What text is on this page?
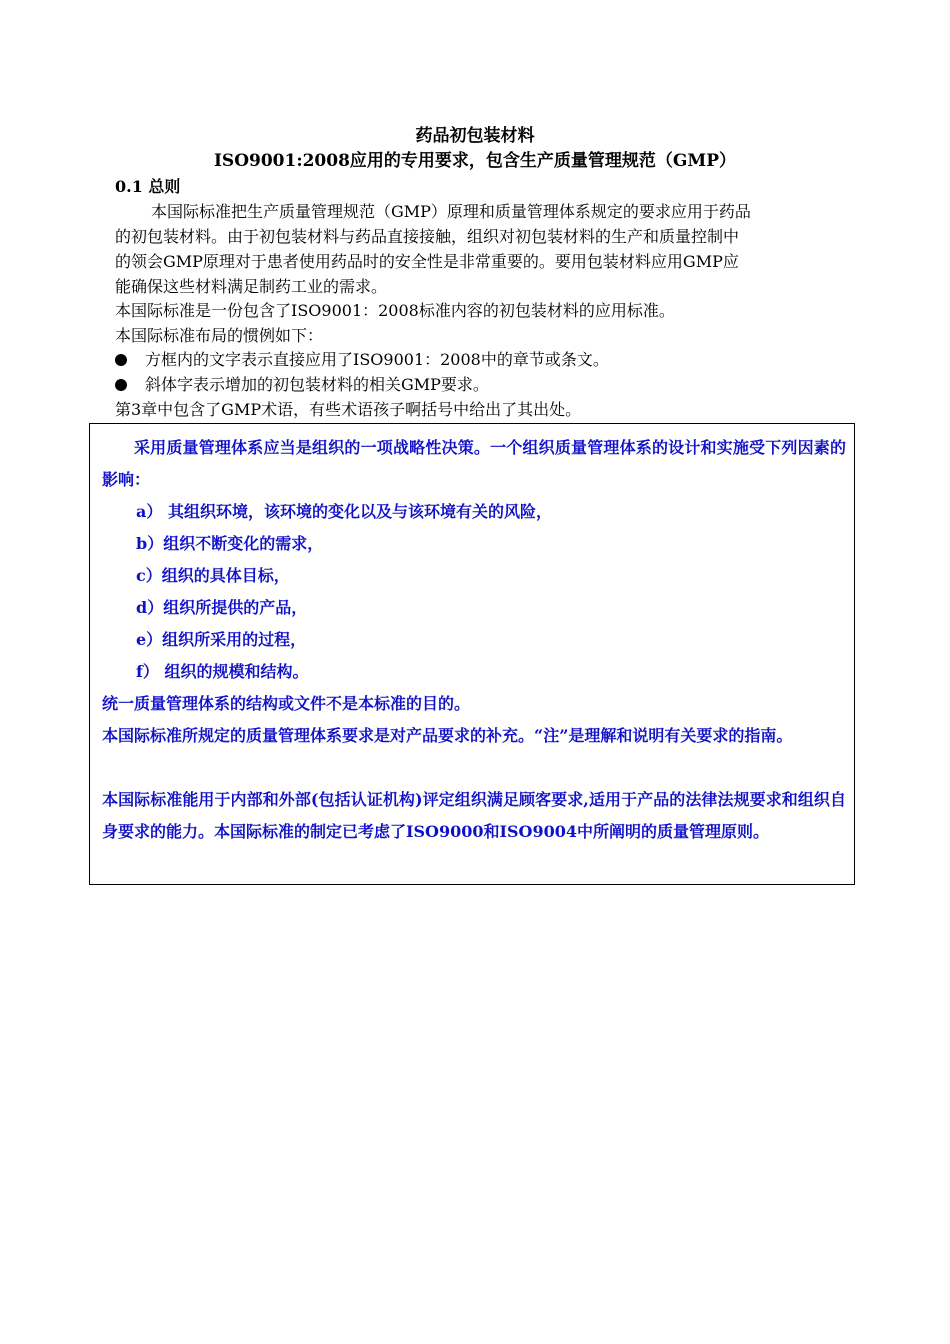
药品初包装材料
ISO9001:2008应用的专用要求，包含生产质量管理规范（GMP）
0.1 总则
本国际标准把生产质量管理规范（GMP）原理和质量管理体系规定的要求应用于药品
的初包装材料。由于初包装材料与药品直接接触，组织对初包装材料的生产和质量控制中
的领会GMP原理对于患者使用药品时的安全性是非常重要的。要用包装材料应用GMP应
能确保这些材料满足制药工业的需求。
本国际标准是一份包含了ISO9001：2008标准内容的初包装材料的应用标准。
本国际标准布局的惯例如下：
方框内的文字表示直接应用了ISO9001：2008中的章节或条文。
斜体字表示增加的初包装材料的相关GMP要求。
第3章中包含了GMP术语，有些术语孩子啊括号中给出了其出处。
采用质量管理体系应当是组织的一项战略性决策。一个组织质量管理体系的设计和实施受下列因素的影响：
a） 其组织环境，该环境的变化以及与该环境有关的风险，
b）组织不断变化的需求，
c）组织的具体目标，
d）组织所提供的产品，
e）组织所采用的过程，
f） 组织的规模和结构。
统一质量管理体系的结构或文件不是本标准的目的。
本国际标准所规定的质量管理体系要求是对产品要求的补充。“注”是理解和说明有关要求的指南。
本国际标准能用于内部和外部(包括认证机构)评定组织满足顾客要求,适用于产品的法律法规要求和组织自身要求的能力。本国际标准的制定已考虑了ISO9000和ISO9004中所阐明的质量管理原则。
